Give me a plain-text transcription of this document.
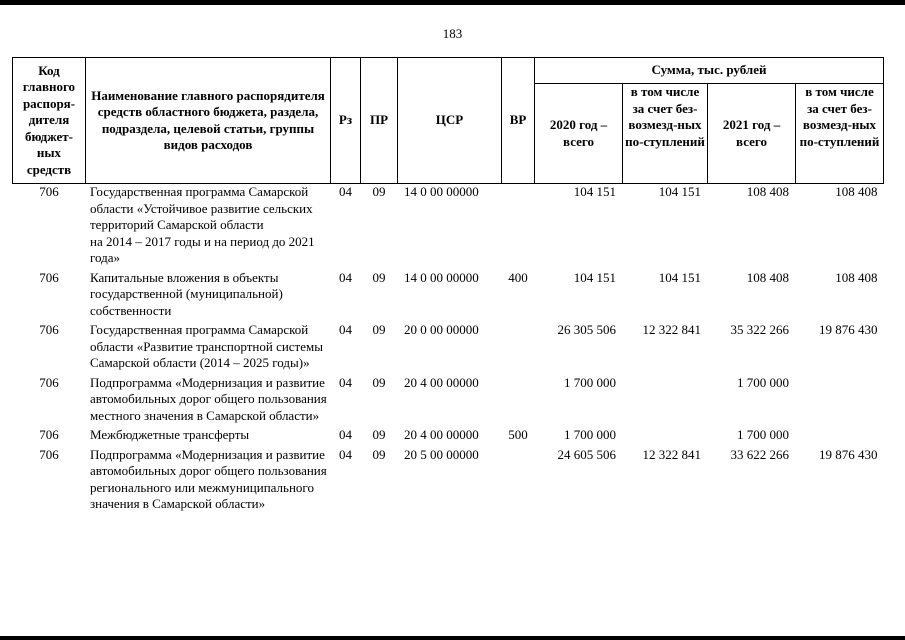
183
Код главного распоря-дителя бюджет-ных средств	Наименование главного распорядителя средств областного бюджета, раздела, подраздела, целевой статьи, группы видов расходов	Рз	ПР	ЦСР	ВР	Сумма, тыс. рублей			
						2020 год – всего	в том числе за счет без-возмезд-ных по-ступлений	2021 год – всего	в том числе за счет без-возмезд-ных по-ступлений
706	Государственная программа Самарской области «Устойчивое развитие сельских территорий Самарской области
на 2014 – 2017 годы и на период до 2021 года»	04	09	14 0 00 00000		104 151	104 151	108 408	108 408
706	Капитальные вложения в объекты государственной (муниципальной) собственности	04	09	14 0 00 00000	400	104 151	104 151	108 408	108 408
706	Государственная программа Самарской области «Развитие транспортной системы Самарской области (2014 – 2025 годы)»	04	09	20 0 00 00000		26 305 506	12 322 841	35 322 266	19 876 430
706	Подпрограмма «Модернизация и развитие автомобильных дорог общего пользования местного значения в Самарской области»	04	09	20 4 00 00000		1 700 000		1 700 000	
706	Межбюджетные трансферты	04	09	20 4 00 00000	500	1 700 000		1 700 000	
706	Подпрограмма «Модернизация и развитие автомобильных дорог общего пользования регионального или межмуниципального значения в Самарской области»	04	09	20 5 00 00000		24 605 506	12 322 841	33 622 266	19 876 430
